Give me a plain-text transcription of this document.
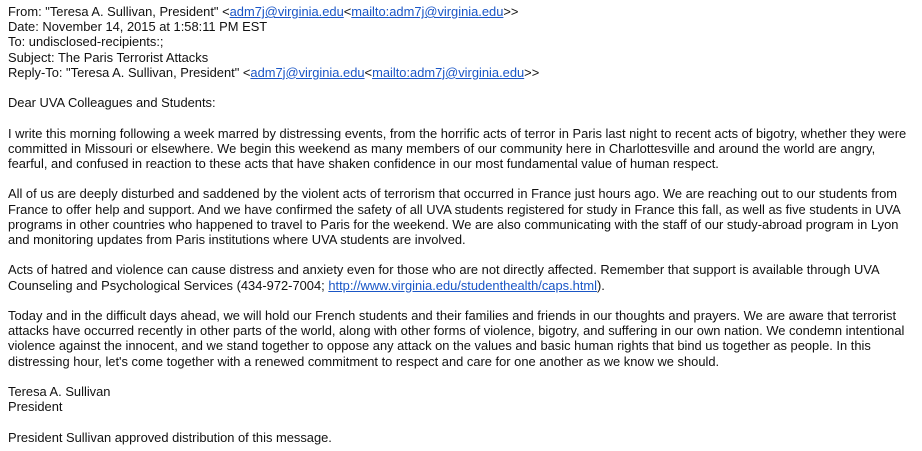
From: "Teresa A. Sullivan, President" <adm7j@virginia.edu<mailto:adm7j@virginia.edu>>
Date: November 14, 2015 at 1:58:11 PM EST
To: undisclosed-recipients:;
Subject: The Paris Terrorist Attacks
Reply-To: "Teresa A. Sullivan, President" <adm7j@virginia.edu<mailto:adm7j@virginia.edu>>

Dear UVA Colleagues and Students:

I write this morning following a week marred by distressing events, from the horrific acts of terror in Paris last night to recent acts of bigotry, whether they were committed in Missouri or elsewhere. We begin this weekend as many members of our community here in Charlottesville and around the world are angry, fearful, and confused in reaction to these acts that have shaken confidence in our most fundamental value of human respect.

All of us are deeply disturbed and saddened by the violent acts of terrorism that occurred in France just hours ago. We are reaching out to our students from France to offer help and support. And we have confirmed the safety of all UVA students registered for study in France this fall, as well as five students in UVA programs in other countries who happened to travel to Paris for the weekend. We are also communicating with the staff of our study-abroad program in Lyon and monitoring updates from Paris institutions where UVA students are involved.

Acts of hatred and violence can cause distress and anxiety even for those who are not directly affected. Remember that support is available through UVA Counseling and Psychological Services (434-972-7004; http://www.virginia.edu/studenthealth/caps.html).

Today and in the difficult days ahead, we will hold our French students and their families and friends in our thoughts and prayers. We are aware that terrorist attacks have occurred recently in other parts of the world, along with other forms of violence, bigotry, and suffering in our own nation. We condemn intentional violence against the innocent, and we stand together to oppose any attack on the values and basic human rights that bind us together as people. In this distressing hour, let's come together with a renewed commitment to respect and care for one another as we know we should.

Teresa A. Sullivan

President

President Sullivan approved distribution of this message.
